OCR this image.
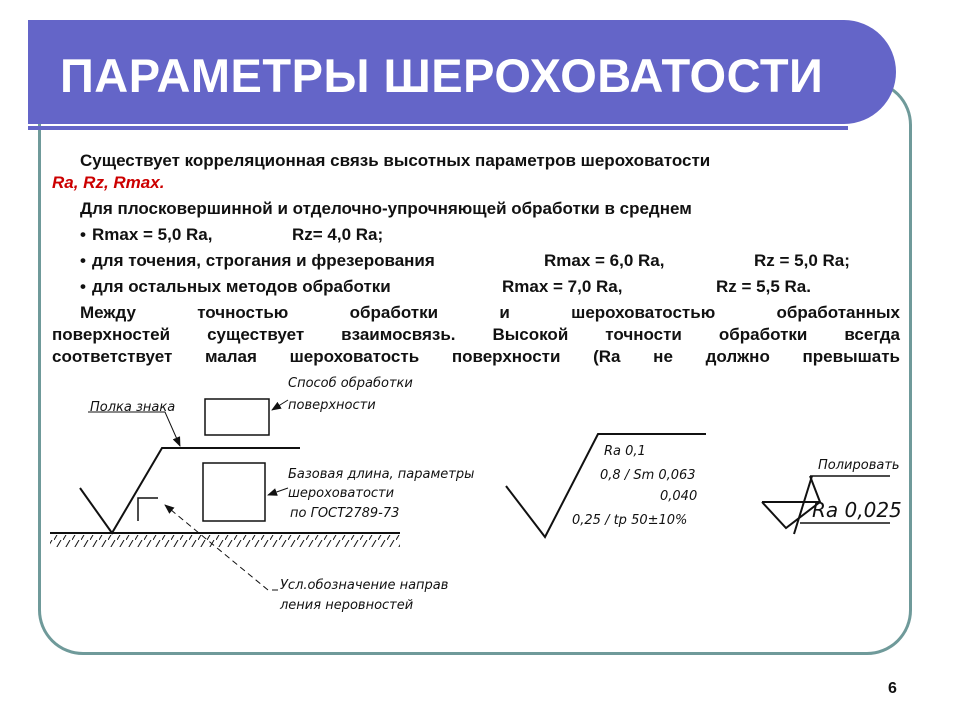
ПАРАМЕТРЫ ШЕРОХОВАТОСТИ

Существует корреляционная связь высотных параметров шероховатости

Ra, Rz, Rmax.

Для плосковершинной и отделочно-упрочняющей обработки в среднем

• Rmax = 5,0 Ra,	Rz= 4,0 Ra;
• для точения, строгания и фрезерования	Rmax = 6,0 Ra,	Rz = 5,0 Ra;
• для остальных методов обработки	Rmax = 7,0 Ra,	Rz = 5,5 Ra.
Между точностью обработки и шероховатостью обработанных
поверхностей существует взаимосвязь. Высокой точности обработки всегда
соответствует малая шероховатость поверхности (Ra не должно превышать
Полка знака
Способ обработки
поверхности
Базовая длина, параметры
шероховатости
по ГОСТ2789-73
Усл.обозначение направ
ления неровностей
Ra 0,1
0,8 / Sm 0,063
0,040
0,25 / tp 50±10%
Полировать
Ra 0,025
6
